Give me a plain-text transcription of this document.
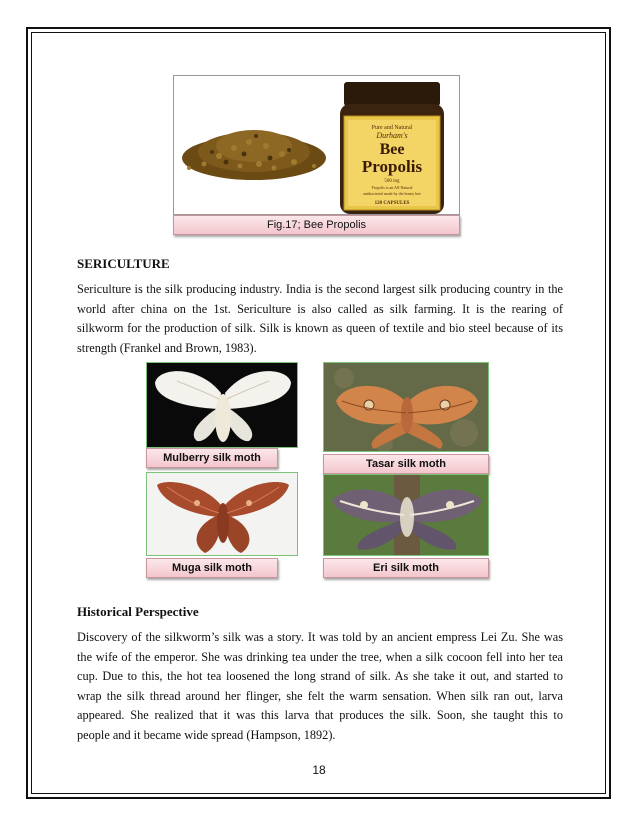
Pure and Natural
Durham's
Bee
Propolis
500 mg
Propolis is an All-Natural
antibacterial made by the honey bee
120 CAPSULES
Fig.17; Bee Propolis
SERICULTURE

Sericulture is the silk producing industry. India is the second largest silk producing country in the
world after china on the 1st. Sericulture is also called as silk farming. It is the rearing of
silkworm for the production of silk. Silk is known as queen of textile and bio steel because of its
strength (Frankel and Brown, 1983).

Mulberry silk moth	Tasar silk moth
Muga silk moth	Eri silk moth
Historical Perspective

Discovery of the silkworm’s silk was a story. It was told by an ancient empress Lei Zu. She was
the wife of the emperor. She was drinking tea under the tree, when a silk cocoon fell into her tea
cup. Due to this, the hot tea loosened the long strand of silk. As she take it out, and started to
wrap the silk thread around her flinger, she felt the warm sensation. When silk ran out, larva
appeared. She realized that it was this larva that produces the silk. Soon, she taught this to
people and it became wide spread (Hampson, 1892).

18
